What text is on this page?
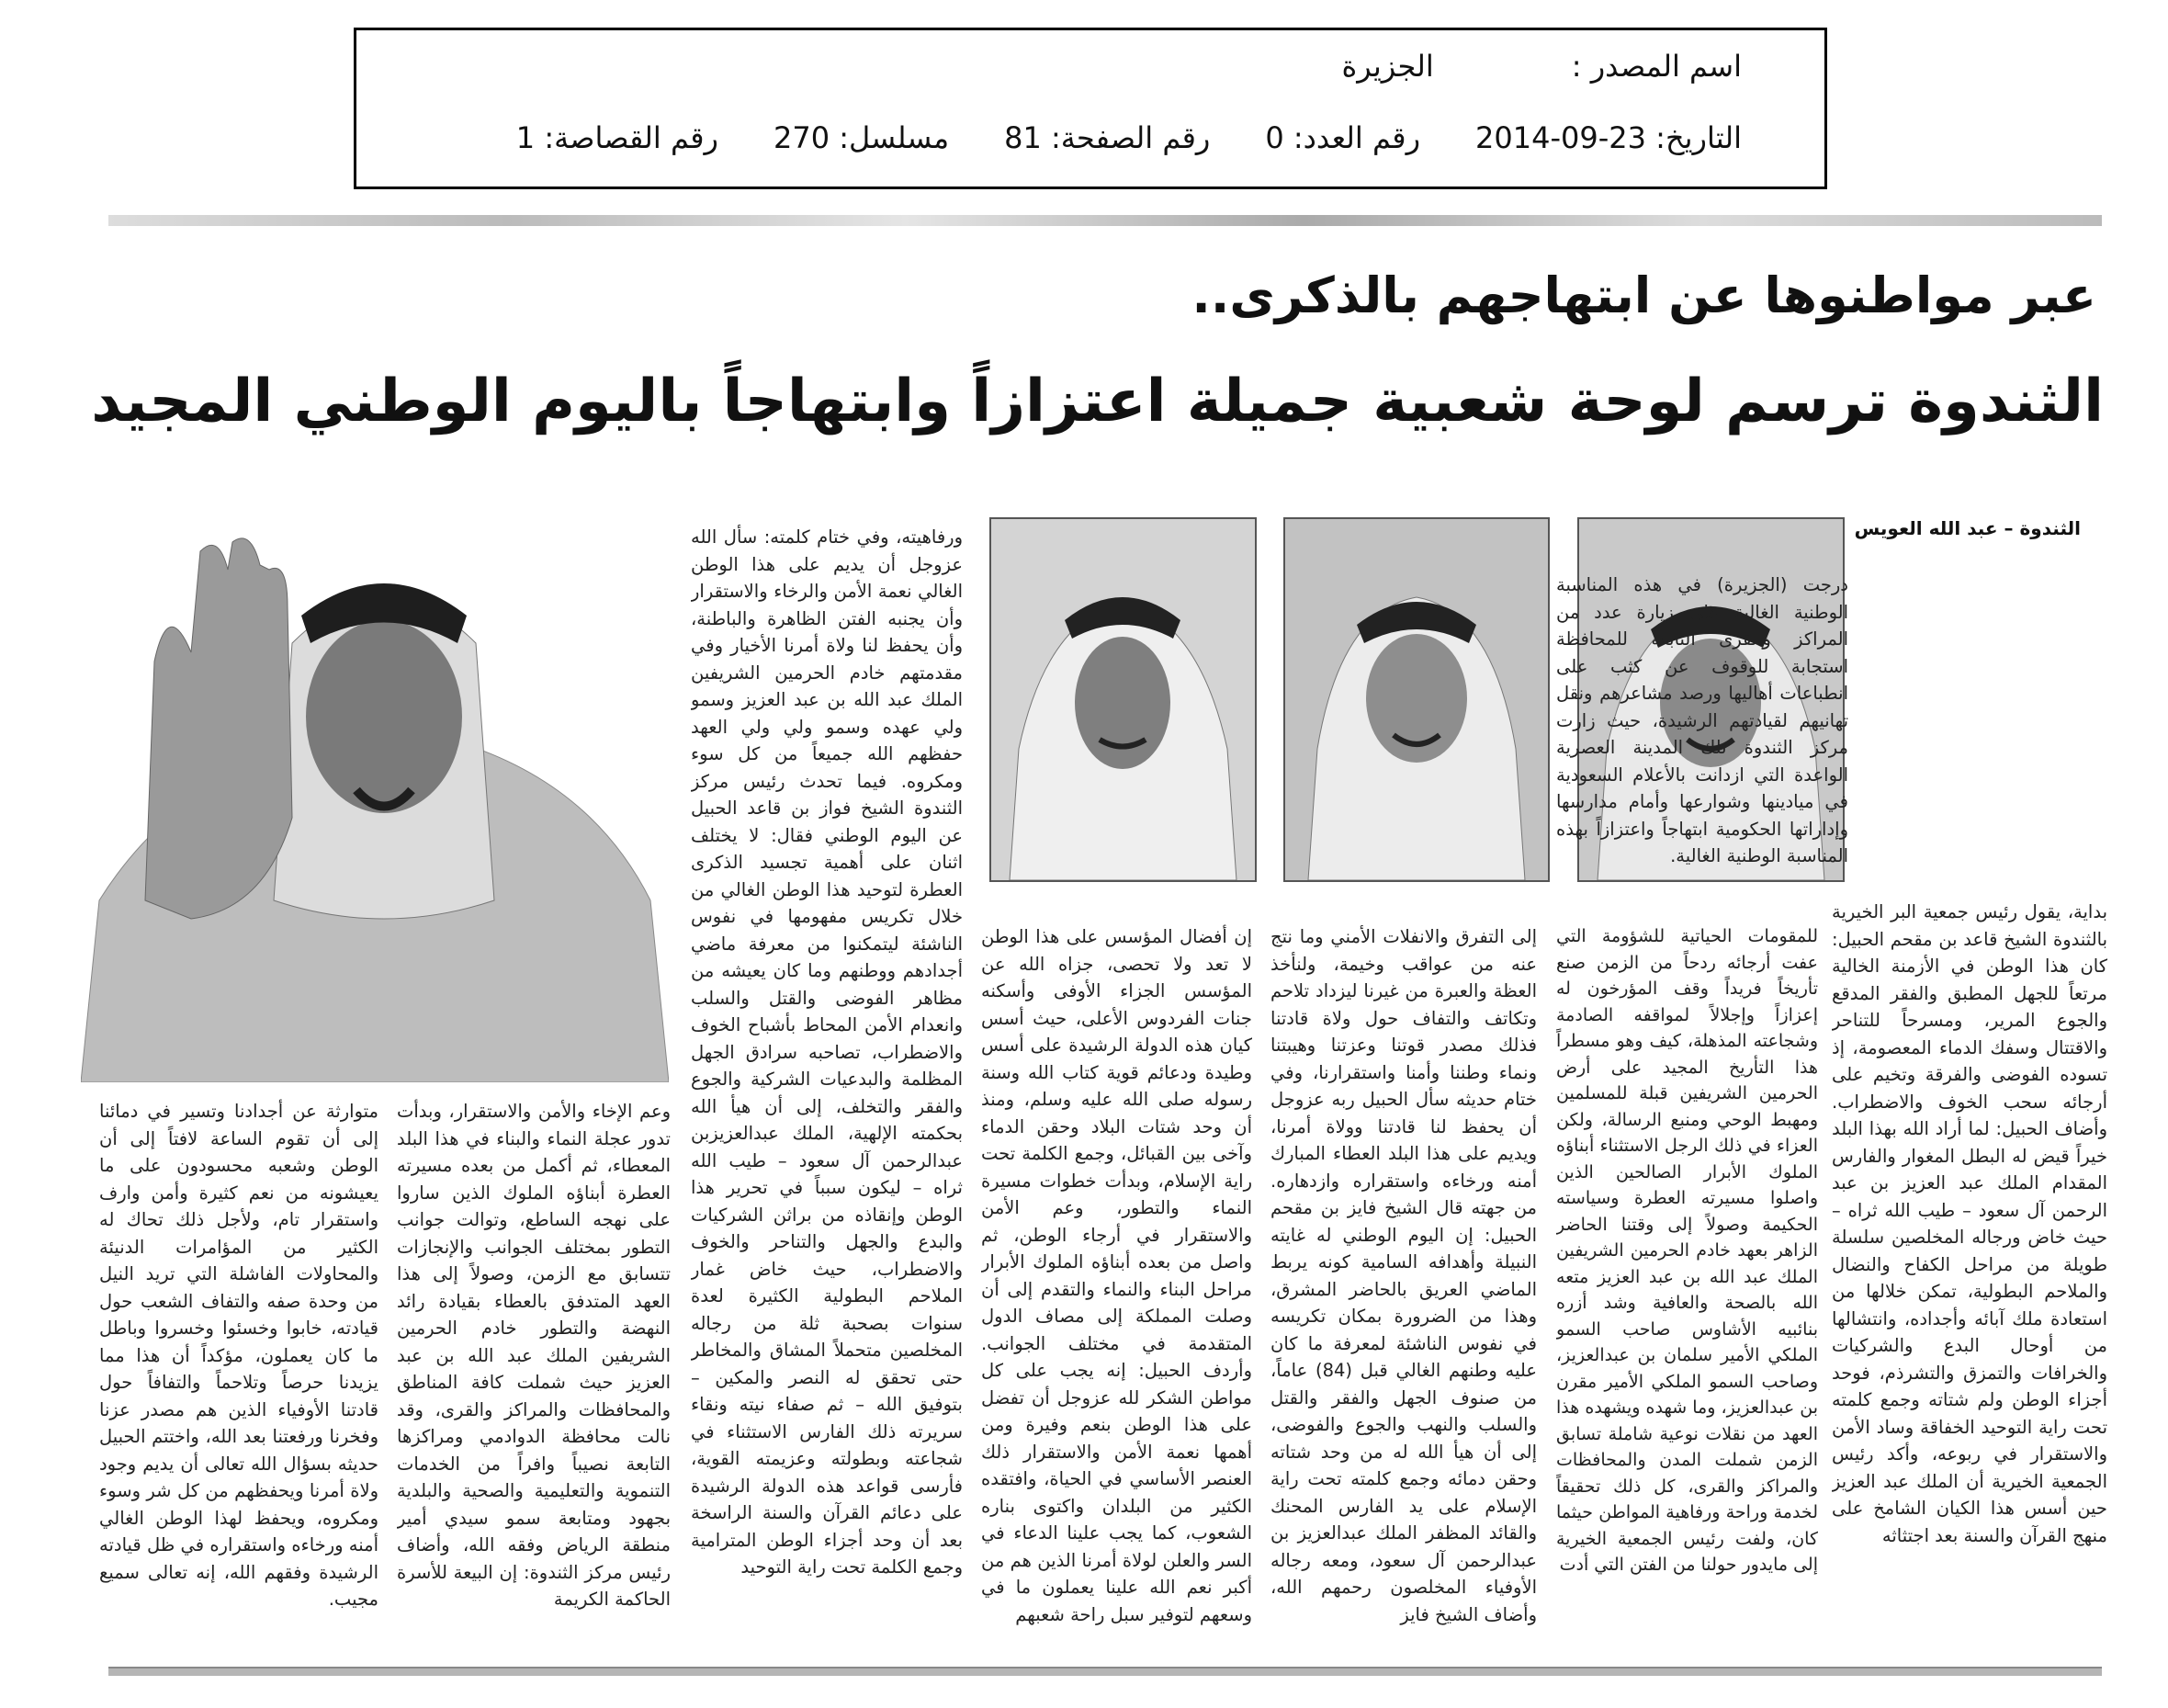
اسم المصدر :
الجزيرة
التاريخ: 23-09-2014
رقم العدد: 0
رقم الصفحة: 81
مسلسل: 270
رقم القصاصة: 1
عبر مواطنوها عن ابتهاجهم بالذكرى..
الثندوة ترسم لوحة شعبية جميلة اعتزازاً وابتهاجاً باليوم الوطني المجيد
الثندوة – عبد الله العويس

درجت (الجزيرة) في هذه المناسبة الوطنية الغالية على زيارة عدد من المراكز والقرى التابعة للمحافظة استجابة للوقوف عن كثب على انطباعات أهاليها ورصد مشاعرهم ونقل تهانيهم لقيادتهم الرشيدة، حيث زارت مركز الثندوة تلك المدينة العصرية الواعدة التي ازدانت بالأعلام السعودية في ميادينها وشوارعها وأمام مدارسها وإداراتها الحكومية ابتهاجاً واعتزازاً بهذه المناسبة الوطنية الغالية.

بداية، يقول رئيس جمعية البر الخيرية بالثندوة الشيخ قاعد بن مقحم الحبيل: كان هذا الوطن في الأزمنة الخالية مرتعاً للجهل المطبق والفقر المدقع والجوع المرير، ومسرحاً للتناحر والاقتتال وسفك الدماء المعصومة، إذ تسوده الفوضى والفرقة وتخيم على أرجائه سحب الخوف والاضطراب. وأضاف الحبيل: لما أراد الله بهذا البلد خيراً قيض له البطل المغوار والفارس المقدام الملك عبد العزيز بن عبد الرحمن آل سعود – طيب الله ثراه – حيث خاض ورجاله المخلصين سلسلة طويلة من مراحل الكفاح والنضال والملاحم البطولية، تمكن خلالها من استعادة ملك آبائه وأجداده، وانتشالها من أوحال البدع والشركيات والخرافات والتمزق والتشرذم، فوحد أجزاء الوطن ولم شتاته وجمع كلمته تحت راية التوحيد الخفاقة وساد الأمن والاستقرار في ربوعه، وأكد رئيس الجمعية الخيرية أن الملك عبد العزيز حين أسس هذا الكيان الشامخ على منهج القرآن والسنة بعد اجتثاثه

للمقومات الحياتية للشؤومة التي عفت أرجائه ردحاً من الزمن صنع تأريخاً فريداً وقف المؤرخون له إعزازاً وإجلالاً لمواقفه الصادمة وشجاعته المذهلة، كيف وهو مسطراً هذا التأريخ المجيد على أرض الحرمين الشريفين قبلة للمسلمين ومهبط الوحي ومنبع الرسالة، ولكن العزاء في ذلك الرجل الاستثناء أبناؤه الملوك الأبرار الصالحين الذين واصلوا مسيرته العطرة وسياسته الحكيمة وصولاً إلى وقتنا الحاضر الزاهر بعهد خادم الحرمين الشريفين الملك عبد الله بن عبد العزيز متعه الله بالصحة والعافية وشد أزره بنائبيه الأشاوس صاحب السمو الملكي الأمير سلمان بن عبدالعزيز، وصاحب السمو الملكي الأمير مقرن بن عبدالعزيز، وما شهده ويشهده هذا العهد من نقلات نوعية شاملة تسابق الزمن شملت المدن والمحافظات والمراكز والقرى، كل ذلك تحقيقاً لخدمة وراحة ورفاهية المواطن حيثما كان، ولفت رئيس الجمعية الخيرية إلى مايدور حولنا من الفتن التي أدت

إلى التفرق والانفلات الأمني وما نتج عنه من عواقب وخيمة، ولنأخذ العظة والعبرة من غيرنا ليزداد تلاحم وتكاتف والتفاف حول ولاة قادتنا فذلك مصدر قوتنا وعزتنا وهيبتنا ونماء وطننا وأمنا واستقرارنا، وفي ختام حديثه سأل الحبيل ربه عزوجل أن يحفظ لنا قادتنا وولاة أمرنا، ويديم على هذا البلد العطاء المبارك أمنه ورخاءه واستقراره وازدهاره. من جهته قال الشيخ فايز بن مقحم الحبيل: إن اليوم الوطني له غايته النبيلة وأهدافه السامية كونه يربط الماضي العريق بالحاضر المشرق، وهذا من الضرورة بمكان تكريسه في نفوس الناشئة لمعرفة ما كان عليه وطنهم الغالي قبل (84) عاماً، من صنوف الجهل والفقر والقتل والسلب والنهب والجوع والفوضى، إلى أن هيأ الله له من وحد شتاته وحقن دمائه وجمع كلمته تحت راية الإسلام على يد الفارس المحنك والقائد المظفر الملك عبدالعزيز بن عبدالرحمن آل سعود، ومعه رجاله الأوفياء المخلصون رحمهم الله، وأضاف الشيخ فايز

إن أفضال المؤسس على هذا الوطن لا تعد ولا تحصى، جزاه الله عن المؤسس الجزاء الأوفى وأسكنه جنات الفردوس الأعلى، حيث أسس كيان هذه الدولة الرشيدة على أسس وطيدة ودعائم قوية كتاب الله وسنة رسوله صلى الله عليه وسلم، ومنذ أن وحد شتات البلاد وحقن الدماء وآخى بين القبائل، وجمع الكلمة تحت راية الإسلام، وبدأت خطوات مسيرة النماء والتطور، وعم الأمن والاستقرار في أرجاء الوطن، ثم واصل من بعده أبناؤه الملوك الأبرار مراحل البناء والنماء والتقدم إلى أن وصلت المملكة إلى مصاف الدول المتقدمة في مختلف الجوانب. وأردف الحبيل: إنه يجب على كل مواطن الشكر لله عزوجل أن تفضل على هذا الوطن بنعم وفيرة ومن أهمها نعمة الأمن والاستقرار ذلك العنصر الأساسي في الحياة، وافتقده الكثير من البلدان واكتوى بناره الشعوب، كما يجب علينا الدعاء في السر والعلن لولاة أمرنا الذين هم من أكبر نعم الله علينا يعملون ما في وسعهم لتوفير سبل راحة شعبهم

ورفاهيته، وفي ختام كلمته: سأل الله عزوجل أن يديم على هذا الوطن الغالي نعمة الأمن والرخاء والاستقرار وأن يجنبه الفتن الظاهرة والباطنة، وأن يحفظ لنا ولاة أمرنا الأخيار وفي مقدمتهم خادم الحرمين الشريفين الملك عبد الله بن عبد العزيز وسمو ولي عهده وسمو ولي ولي العهد حفظهم الله جميعاً من كل سوء ومكروه. فيما تحدث رئيس مركز الثندوة الشيخ فواز بن قاعد الحبيل عن اليوم الوطني فقال: لا يختلف اثنان على أهمية تجسيد الذكرى العطرة لتوحيد هذا الوطن الغالي من خلال تكريس مفهومها في نفوس الناشئة ليتمكنوا من معرفة ماضي أجدادهم ووطنهم وما كان يعيشه من مظاهر الفوضى والقتل والسلب وانعدام الأمن المحاط بأشباح الخوف والاضطراب، تصاحبه سرادق الجهل المظلمة والبدعيات الشركية والجوع والفقر والتخلف، إلى أن هيأ الله بحكمته الإلهية، الملك عبدالعزيزبن عبدالرحمن آل سعود – طيب الله ثراه – ليكون سبباً في تحرير هذا الوطن وإنقاذه من براثن الشركيات والبدع والجهل والتناحر والخوف والاضطراب، حيث خاض غمار الملاحم البطولية الكثيرة لعدة سنوات بصحبة ثلة من رجاله المخلصين متحملاً المشاق والمخاطر حتى تحقق له النصر والمكين – بتوفيق الله – ثم صفاء نيته ونقاء سريرته ذلك الفارس الاستثناء في شجاعته وبطولته وعزيمته القوية، فأرسى قواعد هذه الدولة الرشيدة على دعائم القرآن والسنة الراسخة بعد أن وحد أجزاء الوطن المترامية وجمع الكلمة تحت راية التوحيد

وعم الإخاء والأمن والاستقرار، وبدأت تدور عجلة النماء والبناء في هذا البلد المعطاء، ثم أكمل من بعده مسيرته العطرة أبناؤه الملوك الذين ساروا على نهجه الساطع، وتوالت جوانب التطور بمختلف الجوانب والإنجازات تتسابق مع الزمن، وصولاً إلى هذا العهد المتدفق بالعطاء بقيادة رائد النهضة والتطور خادم الحرمين الشريفين الملك عبد الله بن عبد العزيز حيث شملت كافة المناطق والمحافظات والمراكز والقرى، وقد نالت محافظة الدوادمي ومراكزها التابعة نصيباً وافراً من الخدمات التنموية والتعليمية والصحية والبلدية بجهود ومتابعة سمو سيدي أمير منطقة الرياض وفقه الله، وأضاف رئيس مركز الثندوة: إن البيعة للأسرة الحاكمة الكريمة

متوارثة عن أجدادنا وتسير في دمائنا إلى أن تقوم الساعة لافتاً إلى أن الوطن وشعبه محسودون على ما يعيشونه من نعم كثيرة وأمن وارف واستقرار تام، ولأجل ذلك تحاك له الكثير من المؤامرات الدنيئة والمحاولات الفاشلة التي تريد النيل من وحدة صفه والتفاف الشعب حول قيادته، خابوا وخسئوا وخسروا وباطل ما كان يعملون، مؤكداً أن هذا مما يزيدنا حرصاً وتلاحماً والتفافاً حول قادتنا الأوفياء الذين هم مصدر عزنا وفخرنا ورفعتنا بعد الله، واختتم الحبيل حديثه بسؤال الله تعالى أن يديم وجود ولاة أمرنا ويحفظهم من كل شر وسوء ومكروه، ويحفظ لهذا الوطن الغالي أمنه ورخاءه واستقراره في ظل قيادته الرشيدة وفقهم الله، إنه تعالى سميع مجيب.
